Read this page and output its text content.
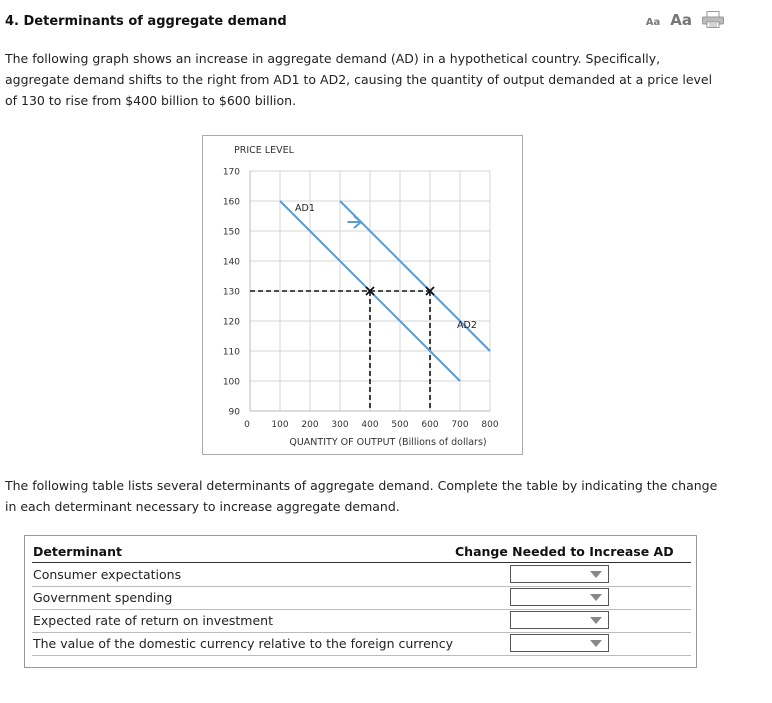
4. Determinants of aggregate demand	Aa Aa

The following graph shows an increase in aggregate demand (AD) in a hypothetical country. Specifically, aggregate demand shifts to the right from AD1 to AD2, causing the quantity of output demanded at a price level of 130 to rise from $400 billion to $600 billion.

170
160
150
140
130
120
110
100
90
0 100 200 300 400 500 600 700 800
PRICE LEVEL
QUANTITY OF OUTPUT (Billions of dollars)
AD1
AD2

The following table lists several determinants of aggregate demand. Complete the table by indicating the change in each determinant necessary to increase aggregate demand.

Determinant	Change Needed to Increase AD
Consumer expectations
Government spending
Expected rate of return on investment
The value of the domestic currency relative to the foreign currency
